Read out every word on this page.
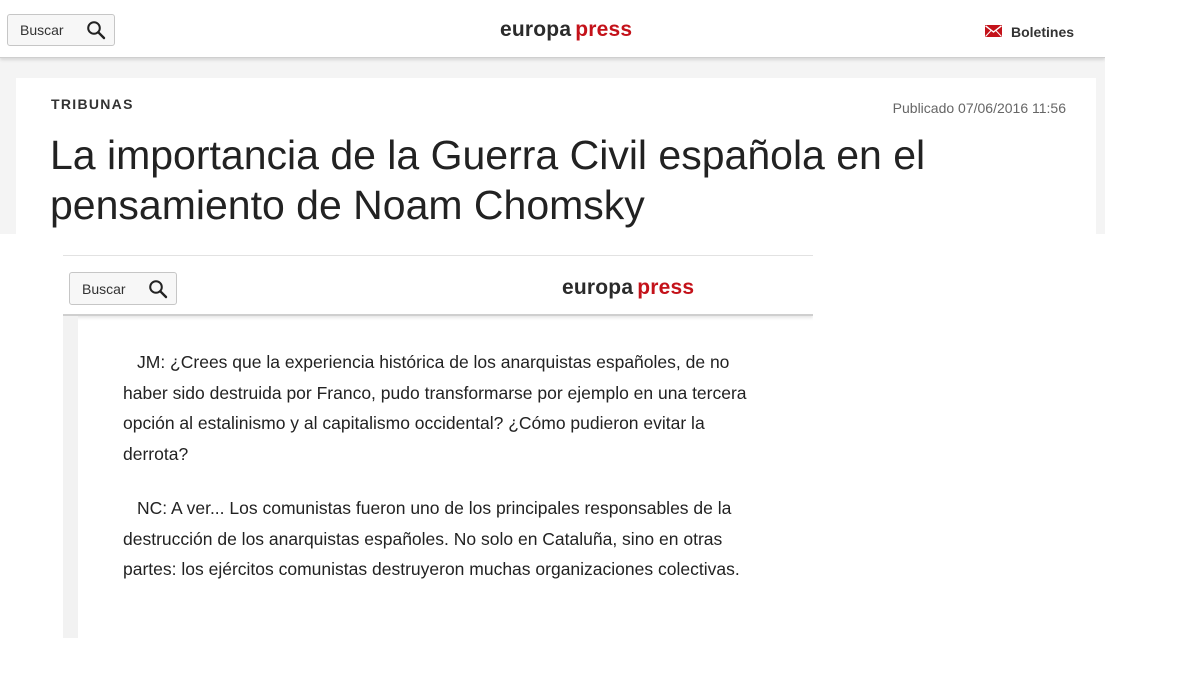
Buscar	europa press	Boletines
TRIBUNAS	Publicado 07/06/2016 11:56
La importancia de la Guerra Civil española en el
pensamiento de Noam Chomsky
Buscar	europa press

JM: ¿Crees que la experiencia histórica de los anarquistas españoles, de no haber sido destruida por Franco, pudo transformarse por ejemplo en una tercera opción al estalinismo y al capitalismo occidental? ¿Cómo pudieron evitar la derrota?

NC: A ver... Los comunistas fueron uno de los principales responsables de la destrucción de los anarquistas españoles. No solo en Cataluña, sino en otras partes: los ejércitos comunistas destruyeron muchas organizaciones colectivas.
